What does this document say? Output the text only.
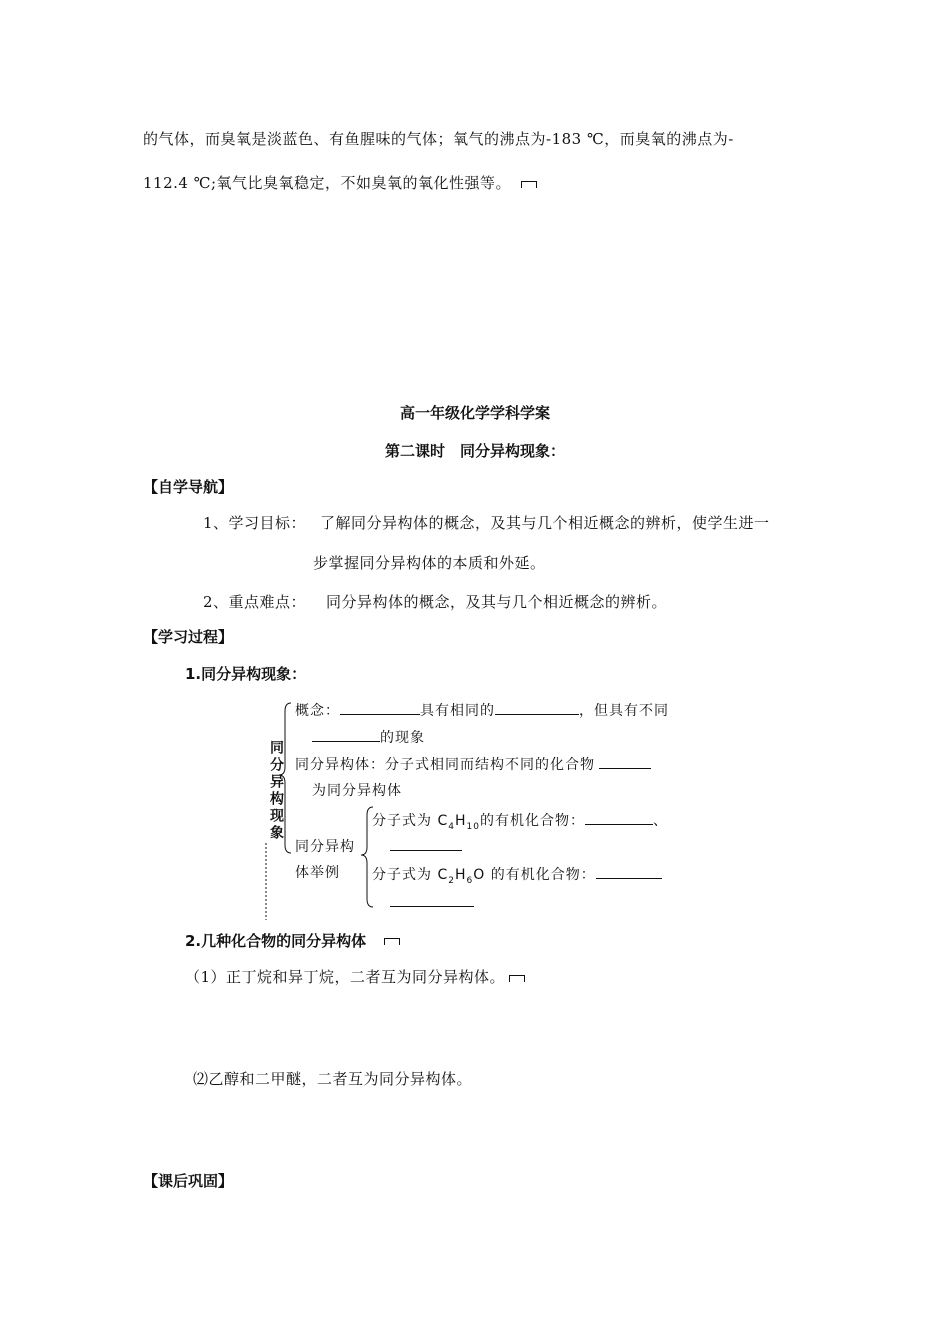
的气体，而臭氧是淡蓝色、有鱼腥味的气体；氧气的沸点为-183 ℃，而臭氧的沸点为-
112.4 ℃;氧气比臭氧稳定，不如臭氧的氧化性强等。
高一年级化学学科学案
第二课时　同分异构现象：
【自学导航】
1、学习目标： 了解同分异构体的概念，及其与几个相近概念的辨析，使学生进一
步掌握同分异构体的本质和外延。
2、重点难点： 同分异构体的概念，及其与几个相近概念的辨析。
【学习过程】
1.同分异构现象：
同分异构现象
概念：	具有相同的	，但具有不同
的现象
同分异构体：分子式相同而结构不同的化合物
为同分异构体
同分异构
体举例
分子式为 $C_4H_{10}$的有机化合物：	、
分子式为 $C_2H_6O$ 的有机化合物：
2.几种化合物的同分异构体
（1）正丁烷和异丁烷，二者互为同分异构体。
⑵乙醇和二甲醚，二者互为同分异构体。
【课后巩固】
